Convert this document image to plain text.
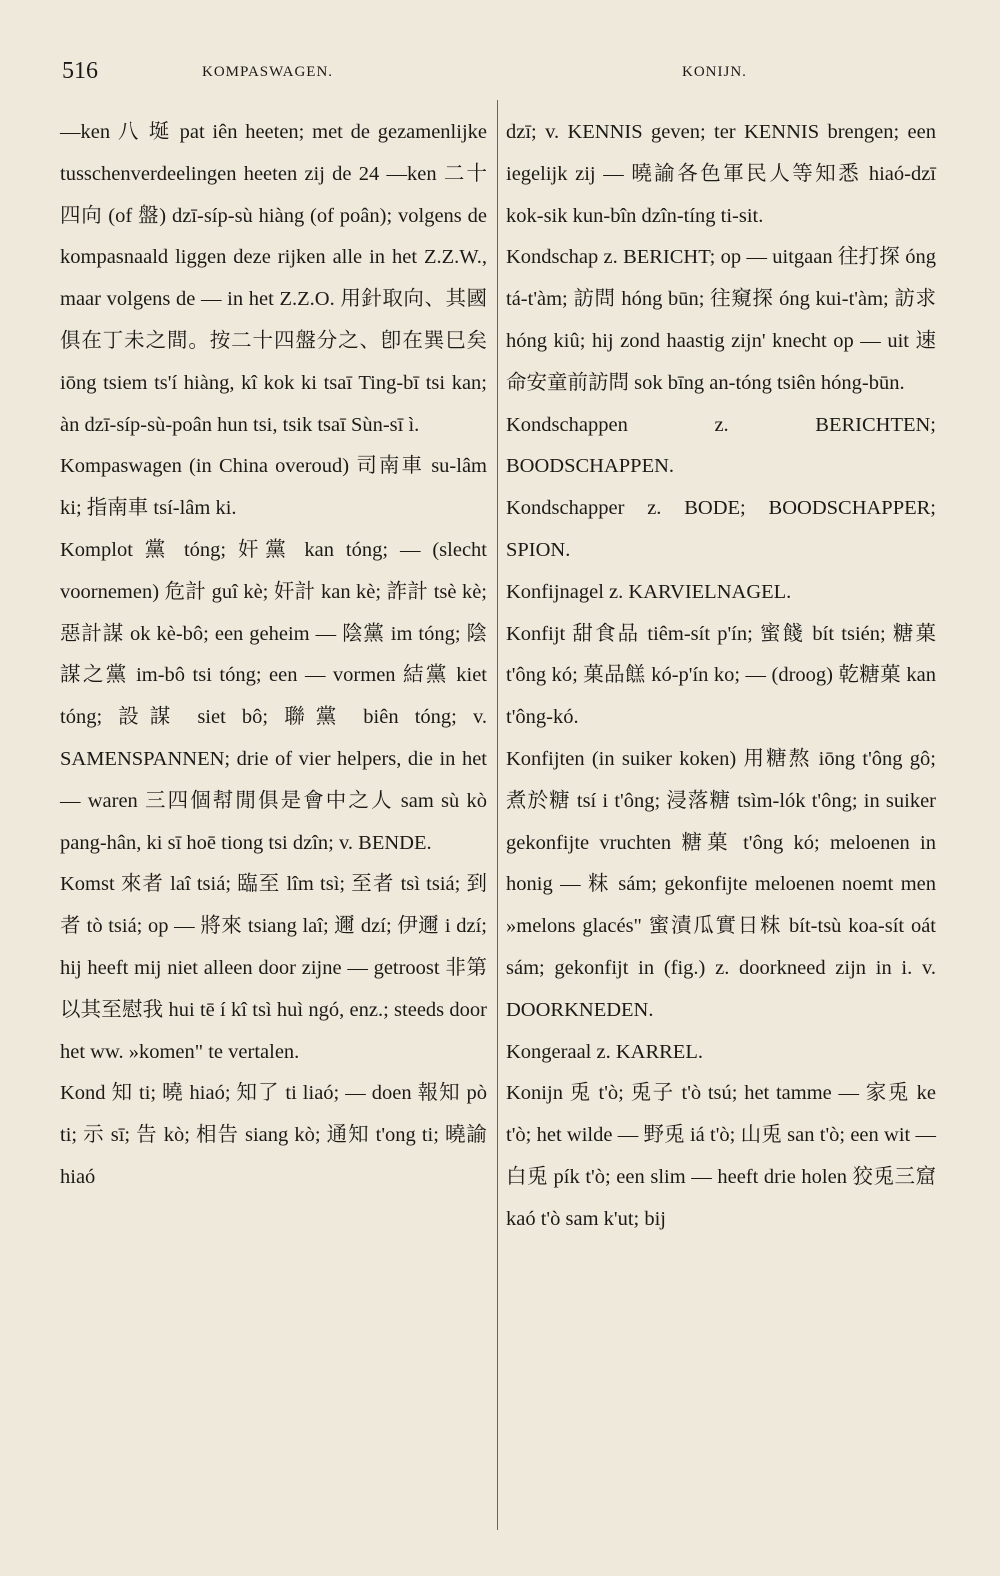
516	KOMPASWAGEN.	KONIJN.

—ken 八 埏 pat iên heeten; met de gezamenlijke tusschenverdeelingen heeten zij de 24 —ken 二十四向 (of 盤) dzī-síp-sù hiàng (of poân); volgens de kompasnaald liggen deze rijken alle in het Z.Z.W., maar volgens de — in het Z.Z.O. 用針取向、其國俱在丁未之間。按二十四盤分之、卽在巽巳矣 iōng tsiem ts'í hiàng, kî kok ki tsaī Ting-bī tsi kan; àn dzī-síp-sù-poân hun tsi, tsik tsaī Sùn-sī ì.

Kompaswagen (in China overoud) 司南車 su-lâm ki; 指南車 tsí-lâm ki.

Komplot 黨 tóng; 奸黨 kan tóng; — (slecht voornemen) 危計 guî kè; 奸計 kan kè; 詐計 tsè kè; 惡計謀 ok kè-bô; een geheim — 陰黨 im tóng; 陰謀之黨 im-bô tsi tóng; een — vormen 結黨 kiet tóng; 設謀 siet bô; 聯黨 biên tóng; v. SAMENSPANNEN; drie of vier helpers, die in het — waren 三四個幇閒俱是會中之人 sam sù kò pang-hân, ki sī hoē tiong tsi dzîn; v. BENDE.

Komst 來者 laî tsiá; 臨至 lîm tsì; 至者 tsì tsiá; 到者 tò tsiá; op — 將來 tsiang laî; 邇 dzí; 伊邇 i dzí; hij heeft mij niet alleen door zijne — getroost 非第以其至慰我 hui tē í kî tsì huì ngó, enz.; steeds door het ww. »komen" te vertalen.

Kond 知 ti; 曉 hiaó; 知了 ti liaó; — doen 報知 pò ti; 示 sī; 告 kò; 相告 siang kò; 通知 t'ong ti; 曉諭 hiaó

dzī; v. KENNIS geven; ter KENNIS brengen; een iegelijk zij — 曉諭各色軍民人等知悉 hiaó-dzī kok-sik kun-bîn dzîn-tíng ti-sit.

Kondschap z. BERICHT; op — uitgaan 往打探 óng tá-t'àm; 訪問 hóng būn; 往窺探 óng kui-t'àm; 訪求 hóng kiû; hij zond haastig zijn' knecht op — uit 速命安童前訪問 sok bīng an-tóng tsiên hóng-būn.

Kondschappen z. BERICHTEN; BOODSCHAPPEN.

Kondschapper z. BODE; BOODSCHAPPER; SPION.

Konfijnagel z. KARVIELNAGEL.

Konfijt 甜食品 tiêm-sít p'ín; 蜜餞 bít tsién; 糖菓 t'ông kó; 菓品餻 kó-p'ín ko; — (droog) 乾糖菓 kan t'ông-kó.

Konfijten (in suiker koken) 用糖熬 iōng t'ông gô; 煮於糖 tsí i t'ông; 浸落糖 tsìm-lók t'ông; in suiker gekonfijte vruchten 糖菓 t'ông kó; meloenen in honig — 粖 sám; gekonfijte meloenen noemt men »melons glacés" 蜜漬瓜實日粖 bít-tsù koa-sít oát sám; gekonfijt in (fig.) z. doorkneed zijn in i. v. DOORKNEDEN.

Kongeraal z. KARREL.

Konijn 兎 t'ò; 兎子 t'ò tsú; het tamme — 家兎 ke t'ò; het wilde — 野兎 iá t'ò; 山兎 san t'ò; een wit — 白兎 pík t'ò; een slim — heeft drie holen 狡兎三窟 kaó t'ò sam k'ut; bij
